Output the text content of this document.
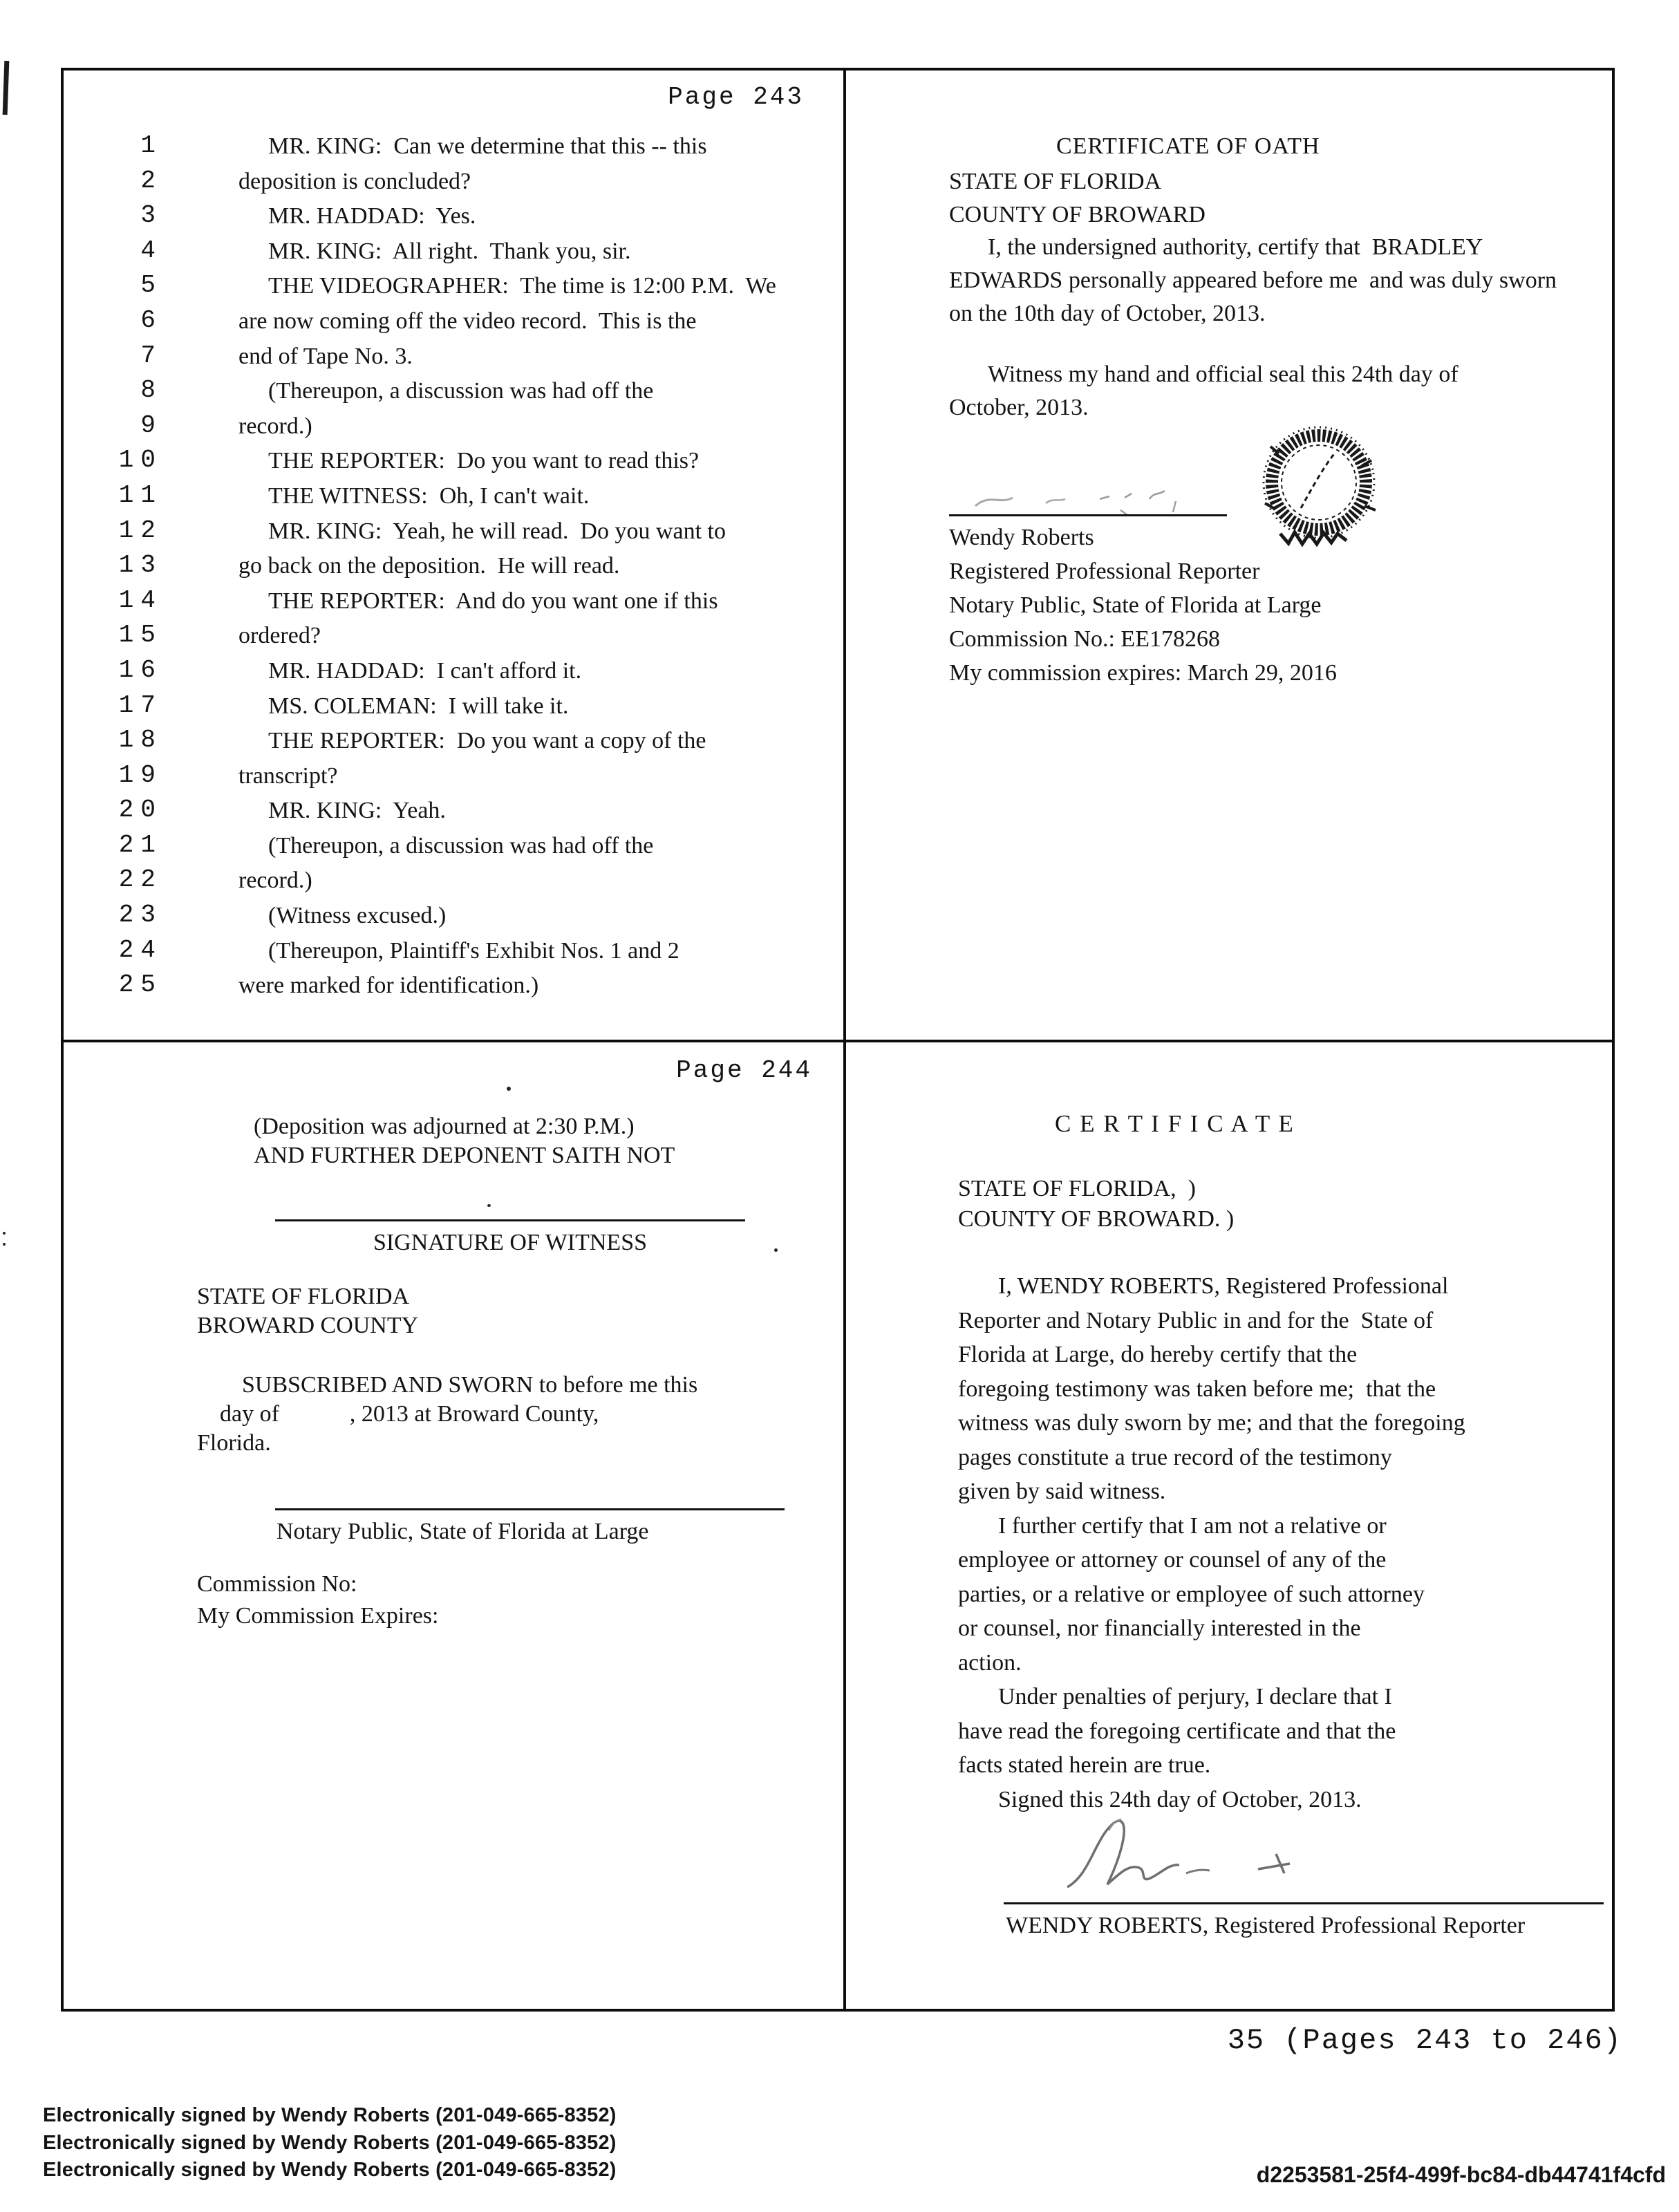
Page 243
1	MR. KING:  Can we determine that this -- this
2	deposition is concluded?
3	MR. HADDAD:  Yes.
4	MR. KING:  All right.  Thank you, sir.
5	THE VIDEOGRAPHER:  The time is 12:00 P.M.  We
6	are now coming off the video record.  This is the
7	end of Tape No. 3.
8	(Thereupon, a discussion was had off the
9	record.)
10	THE REPORTER:  Do you want to read this?
11	THE WITNESS:  Oh, I can't wait.
12	MR. KING:  Yeah, he will read.  Do you want to
13	go back on the deposition.  He will read.
14	THE REPORTER:  And do you want one if this
15	ordered?
16	MR. HADDAD:  I can't afford it.
17	MS. COLEMAN:  I will take it.
18	THE REPORTER:  Do you want a copy of the
19	transcript?
20	MR. KING:  Yeah.
21	(Thereupon, a discussion was had off the
22	record.)
23	(Witness excused.)
24	(Thereupon, Plaintiff's Exhibit Nos. 1 and 2
25	were marked for identification.)
CERTIFICATE OF OATH
STATE OF FLORIDA
COUNTY OF BROWARD
I, the undersigned authority, certify that  BRADLEY
EDWARDS personally appeared before me  and was duly sworn
on the 10th day of October, 2013.
Witness my hand and official seal this 24th day of
October, 2013.
Wendy Roberts
Registered Professional Reporter
Notary Public, State of Florida at Large
Commission No.: EE178268
My commission expires: March 29, 2016
Page 244
(Deposition was adjourned at 2:30 P.M.)
AND FURTHER DEPONENT SAITH NOT
SIGNATURE OF WITNESS
STATE OF FLORIDA
BROWARD COUNTY
SUBSCRIBED AND SWORN to before me this
day of            , 2013 at Broward County,
Florida.
Notary Public, State of Florida at Large
Commission No:
My Commission Expires:
C E R T I F I C A T E
STATE OF FLORIDA,  )
COUNTY OF BROWARD. )
I, WENDY ROBERTS, Registered Professional
Reporter and Notary Public in and for the  State of
Florida at Large, do hereby certify that the
foregoing testimony was taken before me;  that the
witness was duly sworn by me; and that the foregoing
pages constitute a true record of the testimony
given by said witness.
I further certify that I am not a relative or
employee or attorney or counsel of any of the
parties, or a relative or employee of such attorney
or counsel, nor financially interested in the
action.
Under penalties of perjury, I declare that I
have read the foregoing certificate and that the
facts stated herein are true.
Signed this 24th day of October, 2013.
WENDY ROBERTS, Registered Professional Reporter
35 (Pages 243 to 246)
Electronically signed by Wendy Roberts (201-049-665-8352)
Electronically signed by Wendy Roberts (201-049-665-8352)
Electronically signed by Wendy Roberts (201-049-665-8352)	d2253581-25f4-499f-bc84-db44741f4cfd
